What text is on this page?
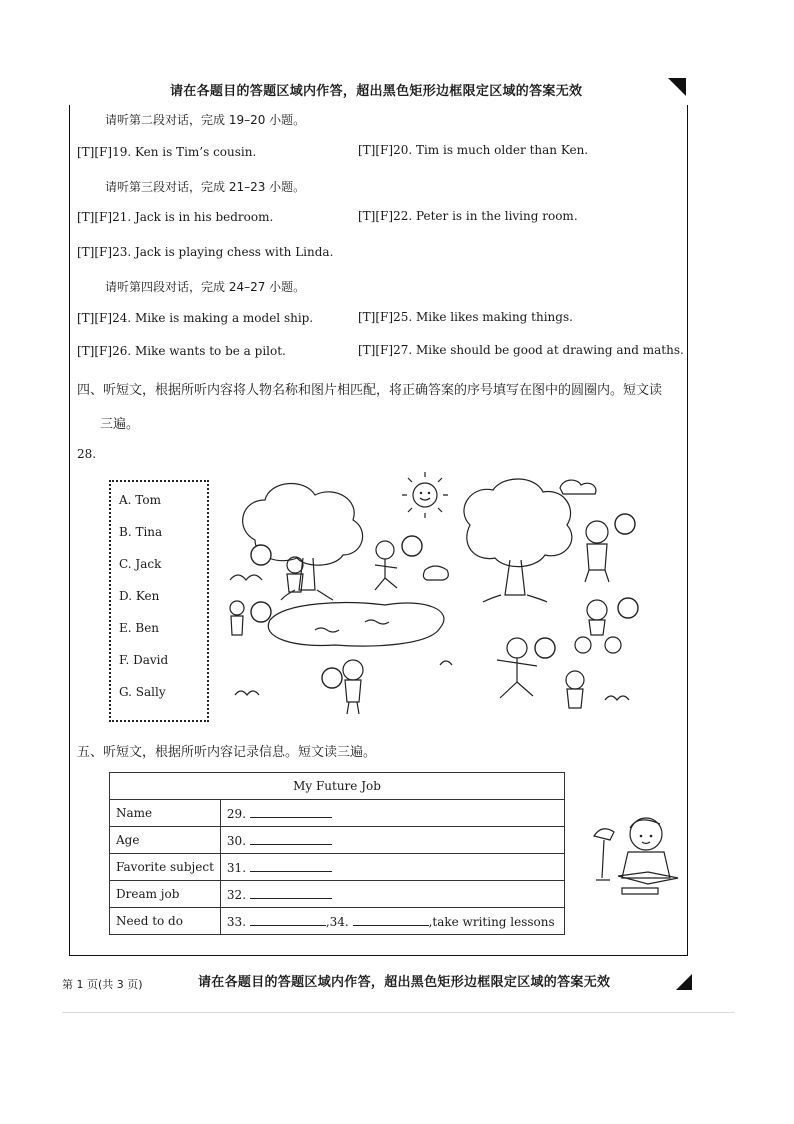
请在各题目的答题区域内作答，超出黑色矩形边框限定区域的答案无效
请听第二段对话，完成 19–20 小题。
[T][F]19. Ken is Tim’s cousin.	[T][F]20. Tim is much older than Ken.
请听第三段对话，完成 21–23 小题。
[T][F]21. Jack is in his bedroom.	[T][F]22. Peter is in the living room.
[T][F]23. Jack is playing chess with Linda.
请听第四段对话，完成 24–27 小题。
[T][F]24. Mike is making a model ship.	[T][F]25. Mike likes making things.
[T][F]26. Mike wants to be a pilot.	[T][F]27. Mike should be good at drawing and maths.
四、听短文，根据所听内容将人物名称和图片相匹配，将正确答案的序号填写在图中的圆圈内。短文读
三遍。
28.
A. Tom
B. Tina
C. Jack
D. Ken
E. Ben
F. David
G. Sally
五、听短文，根据所听内容记录信息。短文读三遍。
My Future Job	
Name	29.
Age	30.
Favorite subject	31.
Dream job	32.
Need to do	33. ,34. ,take writing lessons
第 1 页(共 3 页)	请在各题目的答题区域内作答，超出黑色矩形边框限定区域的答案无效
